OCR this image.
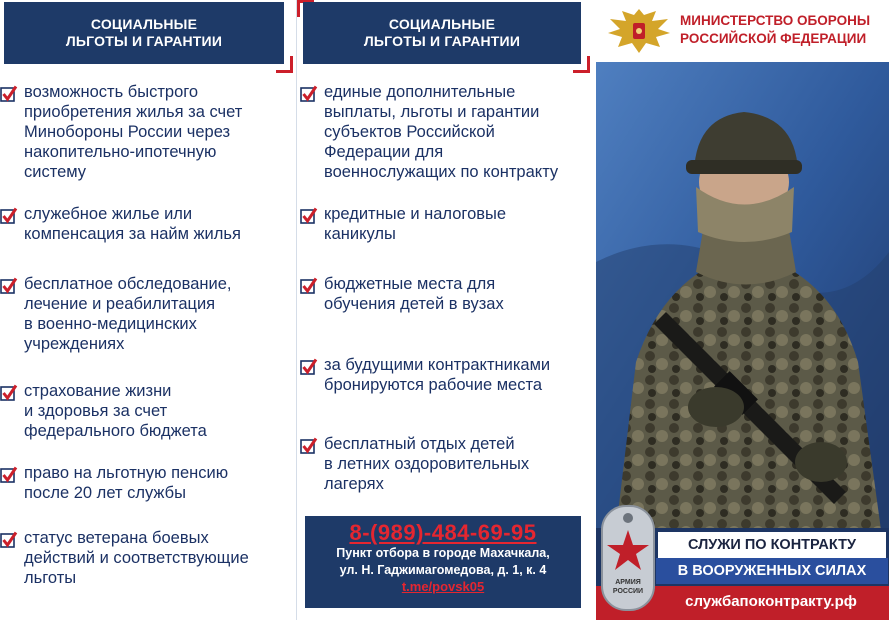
СОЦИАЛЬНЫЕ
ЛЬГОТЫ И ГАРАНТИИ
возможность быстрого
приобретения жилья за счет
Минобороны России через
накопительно-ипотечную
систему
служебное жилье или
компенсация за найм жилья
бесплатное обследование,
лечение и реабилитация
в военно-медицинских
учреждениях
страхование жизни
и здоровья за счет
федерального бюджета
право на льготную пенсию
после 20 лет службы
статус ветерана боевых
действий и соответствующие
льготы
СОЦИАЛЬНЫЕ
ЛЬГОТЫ И ГАРАНТИИ
единые дополнительные
выплаты, льготы и гарантии
субъектов Российской
Федерации для
военнослужащих по контракту
кредитные и налоговые
каникулы
бюджетные места для
обучения детей в вузах
за будущими контрактниками
бронируются рабочие места
бесплатный отдых детей
в летних оздоровительных
лагерях
8-(989)-484-69-95
Пункт отбора в городе Махачкала,
ул. Н. Гаджимагомедова, д. 1, к. 4
t.me/povsk05
МИНИСТЕРСТВО ОБОРОНЫ
РОССИЙСКОЙ ФЕДЕРАЦИИ
АРМИЯ
РОССИИ
СЛУЖИ ПО КОНТРАКТУ
В ВООРУЖЕННЫХ СИЛАХ
службапоконтракту.рф
